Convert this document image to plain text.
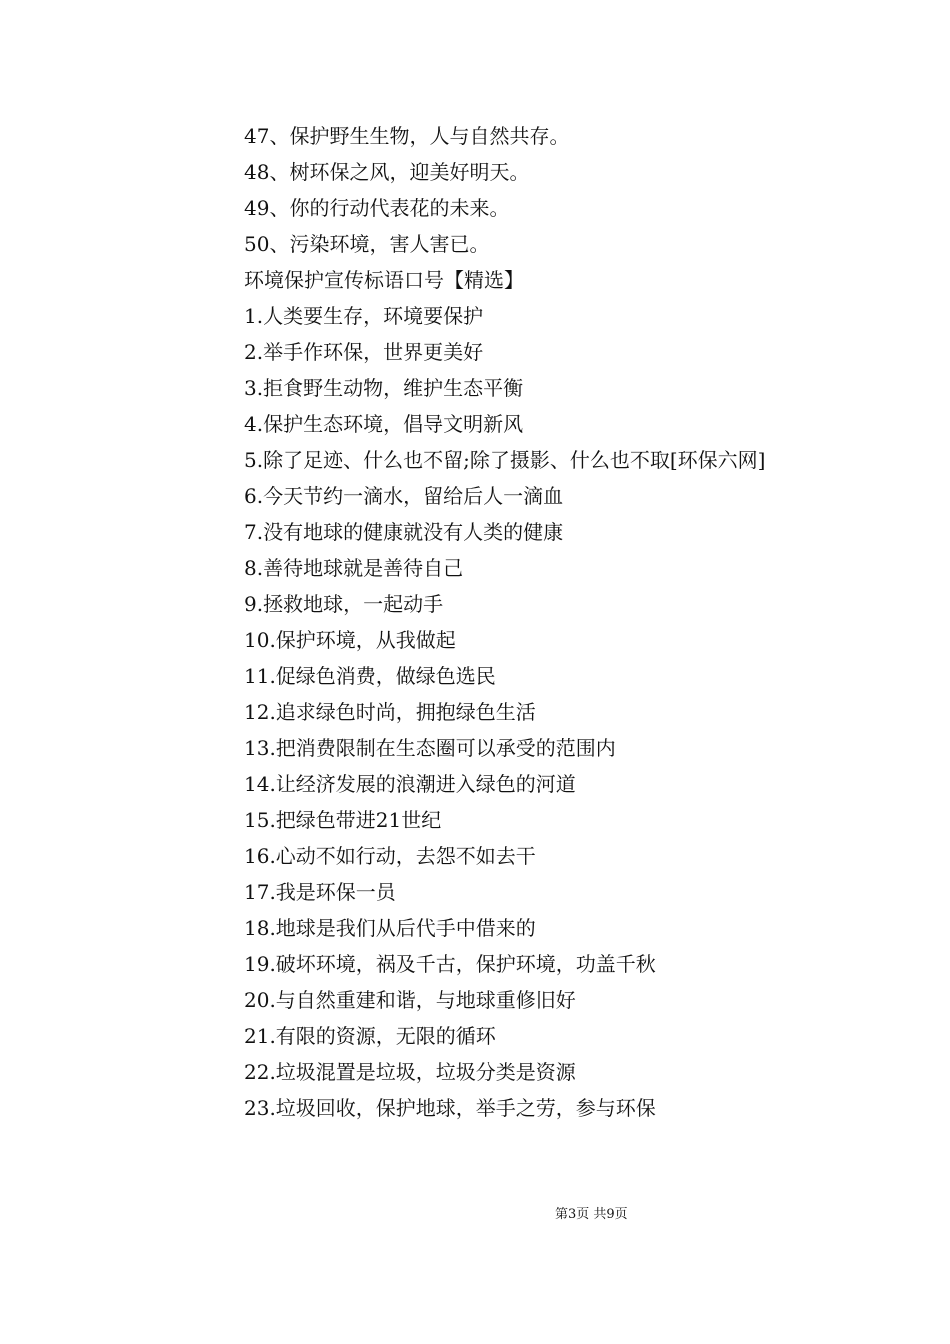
47、保护野生生物，人与自然共存。
48、树环保之风，迎美好明天。
49、你的行动代表花的未来。
50、污染环境，害人害已。
环境保护宣传标语口号【精选】
1.人类要生存，环境要保护
2.举手作环保，世界更美好
3.拒食野生动物，维护生态平衡
4.保护生态环境，倡导文明新风
5.除了足迹、什么也不留;除了摄影、什么也不取[环保六网]
6.今天节约一滴水，留给后人一滴血
7.没有地球的健康就没有人类的健康
8.善待地球就是善待自己
9.拯救地球，一起动手
10.保护环境，从我做起
11.促绿色消费，做绿色选民
12.追求绿色时尚，拥抱绿色生活
13.把消费限制在生态圈可以承受的范围内
14.让经济发展的浪潮进入绿色的河道
15.把绿色带进21世纪
16.心动不如行动，去怨不如去干
17.我是环保一员
18.地球是我们从后代手中借来的
19.破坏环境，祸及千古，保护环境，功盖千秋
20.与自然重建和谐，与地球重修旧好
21.有限的资源，无限的循环
22.垃圾混置是垃圾，垃圾分类是资源
23.垃圾回收，保护地球，举手之劳，参与环保
第3页 共9页
